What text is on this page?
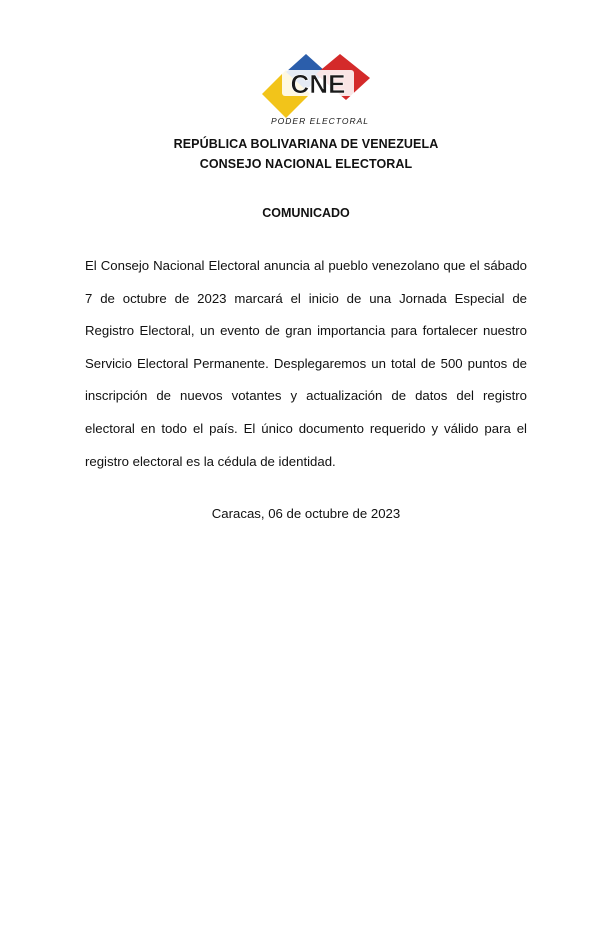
CNE
PODER ELECTORAL
REPÚBLICA BOLIVARIANA DE VENEZUELA
CONSEJO NACIONAL ELECTORAL
COMUNICADO
El Consejo Nacional Electoral anuncia al pueblo venezolano que el sábado 7 de octubre de 2023 marcará el inicio de una Jornada Especial de Registro Electoral, un evento de gran importancia para fortalecer nuestro Servicio Electoral Permanente. Desplegaremos un total de 500 puntos de inscripción de nuevos votantes y actualización de datos del registro electoral en todo el país. El único documento requerido y válido para el registro electoral es la cédula de identidad.
Caracas, 06 de octubre de 2023
